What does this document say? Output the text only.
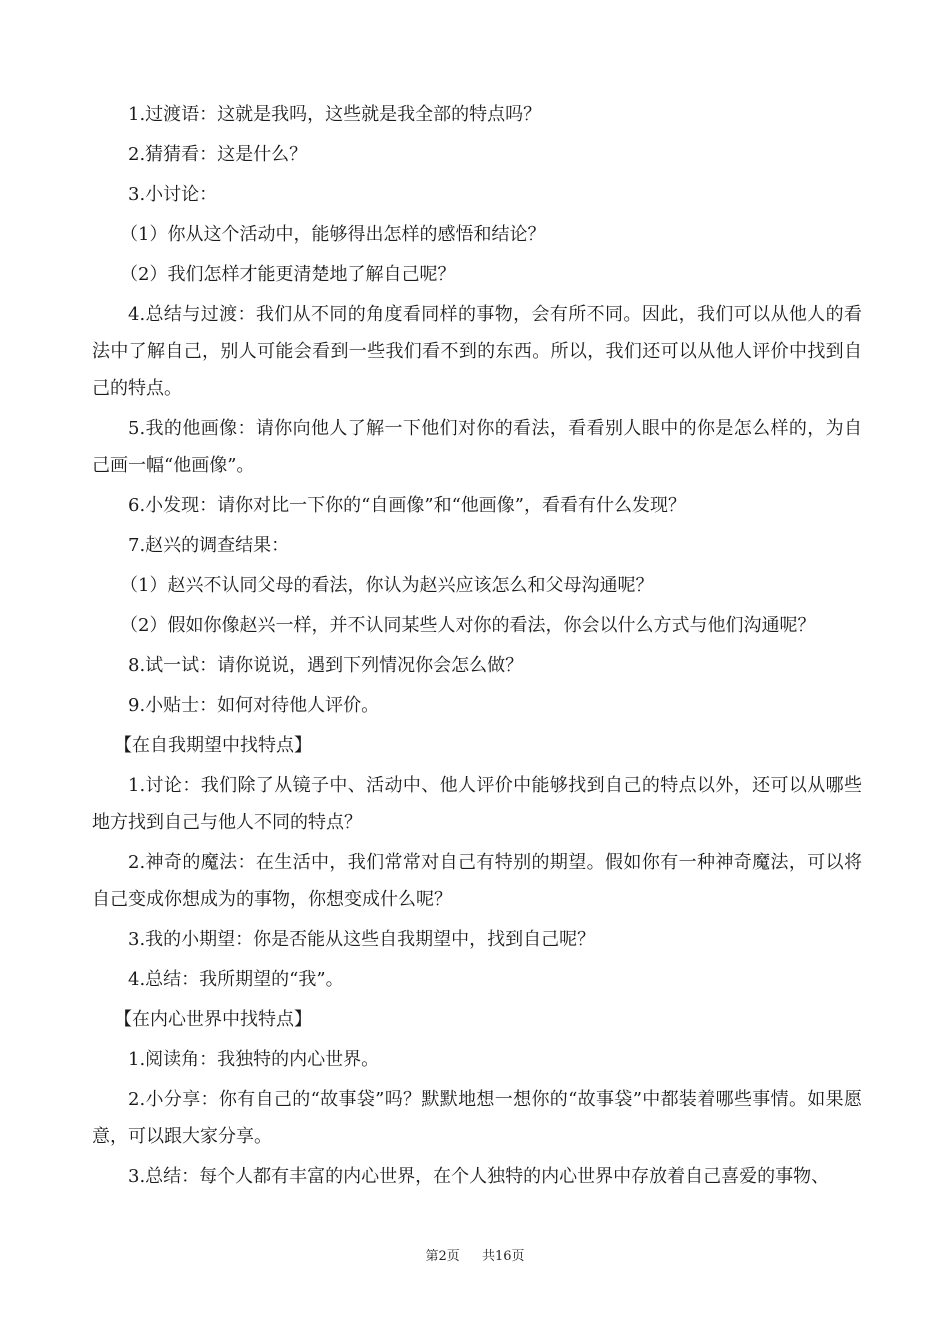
1.过渡语：这就是我吗，这些就是我全部的特点吗？

2.猜猜看：这是什么？

3.小讨论：

（1）你从这个活动中，能够得出怎样的感悟和结论？

（2）我们怎样才能更清楚地了解自己呢？

4.总结与过渡：我们从不同的角度看同样的事物，会有所不同。因此，我们可以从他人的看法中了解自己，别人可能会看到一些我们看不到的东西。所以，我们还可以从他人评价中找到自己的特点。

5.我的他画像：请你向他人了解一下他们对你的看法，看看别人眼中的你是怎么样的，为自己画一幅“他画像”。

6.小发现：请你对比一下你的“自画像”和“他画像”，看看有什么发现？

7.赵兴的调查结果：

（1）赵兴不认同父母的看法，你认为赵兴应该怎么和父母沟通呢？

（2）假如你像赵兴一样，并不认同某些人对你的看法，你会以什么方式与他们沟通呢？

8.试一试：请你说说，遇到下列情况你会怎么做？

9.小贴士：如何对待他人评价。

【在自我期望中找特点】

1.讨论：我们除了从镜子中、活动中、他人评价中能够找到自己的特点以外，还可以从哪些地方找到自己与他人不同的特点？

2.神奇的魔法：在生活中，我们常常对自己有特别的期望。假如你有一种神奇魔法，可以将自己变成你想成为的事物，你想变成什么呢？

3.我的小期望：你是否能从这些自我期望中，找到自己呢？

4.总结：我所期望的“我”。

【在内心世界中找特点】

1.阅读角：我独特的内心世界。

2.小分享：你有自己的“故事袋”吗？默默地想一想你的“故事袋”中都装着哪些事情。如果愿意，可以跟大家分享。

3.总结：每个人都有丰富的内心世界，在个人独特的内心世界中存放着自己喜爱的事物、

第2页 共16页
